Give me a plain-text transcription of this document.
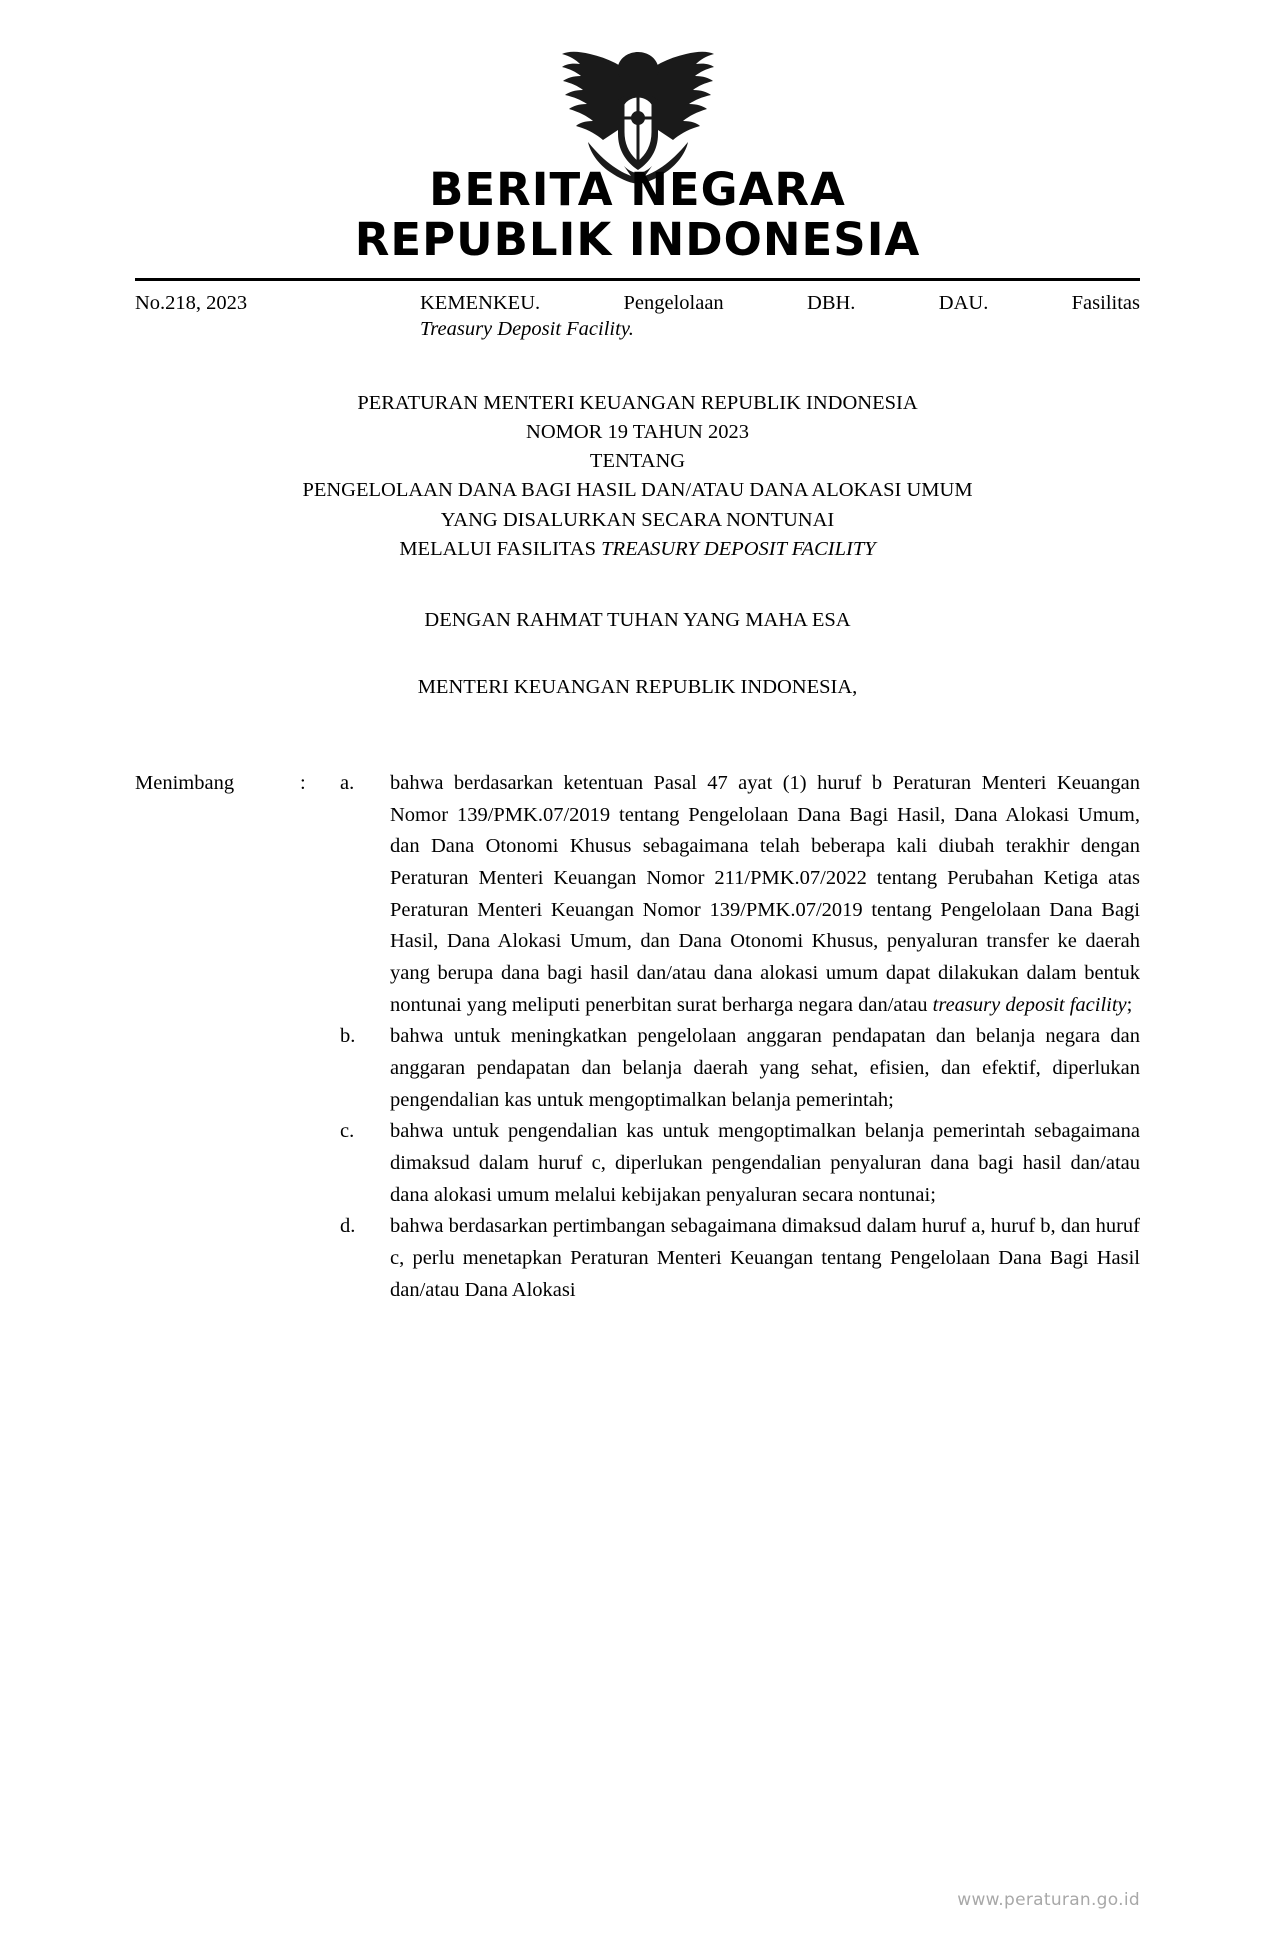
BERITA NEGARA
REPUBLIK INDONESIA
No.218, 2023	KEMENKEU. Pengelolaan DBH. DAU. Fasilitas
Treasury Deposit Facility.
PERATURAN MENTERI KEUANGAN REPUBLIK INDONESIA
NOMOR 19 TAHUN 2023
TENTANG
PENGELOLAAN DANA BAGI HASIL DAN/ATAU DANA ALOKASI UMUM
YANG DISALURKAN SECARA NONTUNAI
MELALUI FASILITAS TREASURY DEPOSIT FACILITY
DENGAN RAHMAT TUHAN YANG MAHA ESA
MENTERI KEUANGAN REPUBLIK INDONESIA,
Menimbang	:	a.	bahwa berdasarkan ketentuan Pasal 47 ayat (1) huruf b Peraturan Menteri Keuangan Nomor 139/PMK.07/2019 tentang Pengelolaan Dana Bagi Hasil, Dana Alokasi Umum, dan Dana Otonomi Khusus sebagaimana telah beberapa kali diubah terakhir dengan Peraturan Menteri Keuangan Nomor 211/PMK.07/2022 tentang Perubahan Ketiga atas Peraturan Menteri Keuangan Nomor 139/PMK.07/2019 tentang Pengelolaan Dana Bagi Hasil, Dana Alokasi Umum, dan Dana Otonomi Khusus, penyaluran transfer ke daerah yang berupa dana bagi hasil dan/atau dana alokasi umum dapat dilakukan dalam bentuk nontunai yang meliputi penerbitan surat berharga negara dan/atau treasury deposit facility;
b.	bahwa untuk meningkatkan pengelolaan anggaran pendapatan dan belanja negara dan anggaran pendapatan dan belanja daerah yang sehat, efisien, dan efektif, diperlukan pengendalian kas untuk mengoptimalkan belanja pemerintah;
c.	bahwa untuk pengendalian kas untuk mengoptimalkan belanja pemerintah sebagaimana dimaksud dalam huruf c, diperlukan pengendalian penyaluran dana bagi hasil dan/atau dana alokasi umum melalui kebijakan penyaluran secara nontunai;
d.	bahwa berdasarkan pertimbangan sebagaimana dimaksud dalam huruf a, huruf b, dan huruf c, perlu menetapkan Peraturan Menteri Keuangan tentang Pengelolaan Dana Bagi Hasil dan/atau Dana Alokasi
www.peraturan.go.id
